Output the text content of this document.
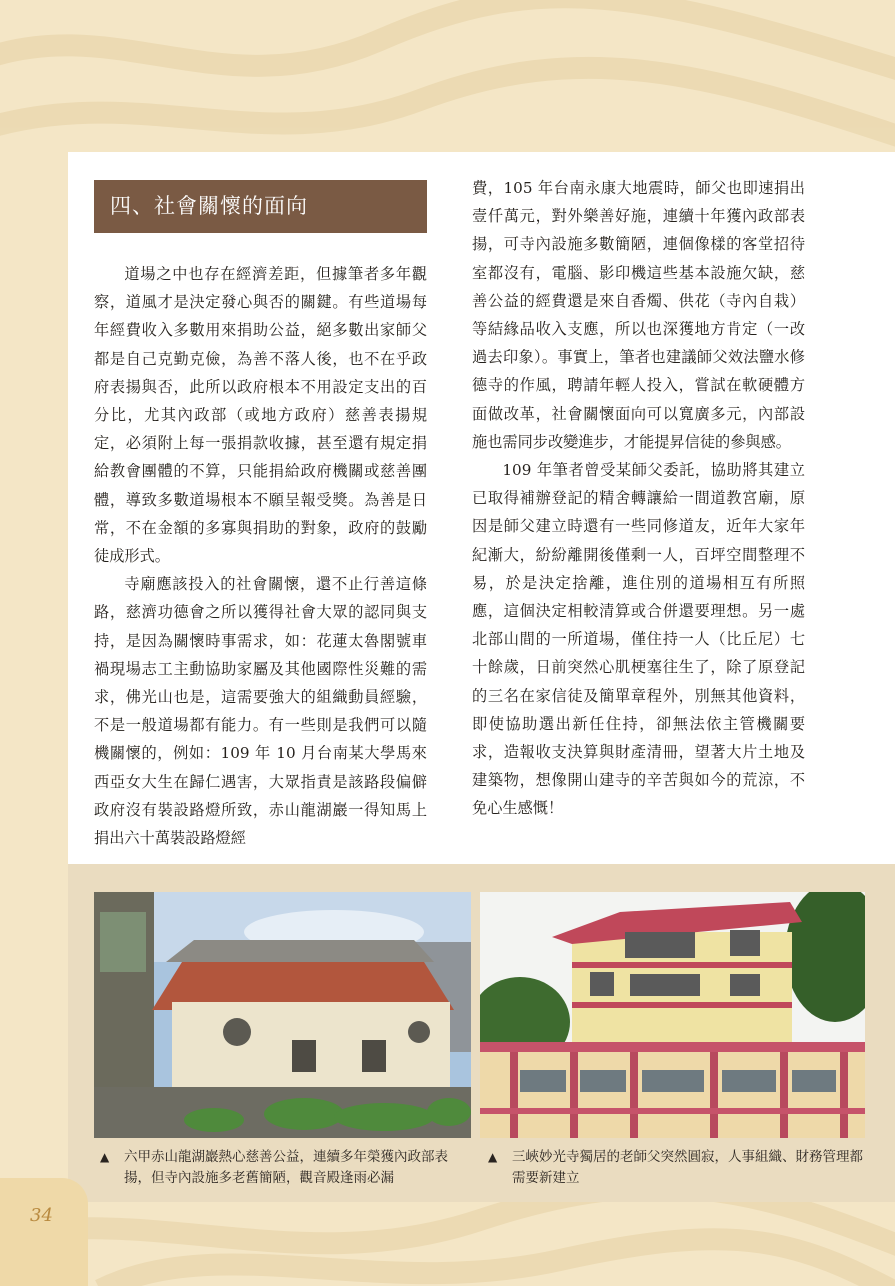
四、社會關懷的面向

道場之中也存在經濟差距，但據筆者多年觀察，道風才是決定發心與否的關鍵。有些道場每年經費收入多數用來捐助公益，絕多數出家師父都是自己克勤克儉，為善不落人後，也不在乎政府表揚與否，此所以政府根本不用設定支出的百分比，尤其內政部（或地方政府）慈善表揚規定，必須附上每一張捐款收據，甚至還有規定捐給教會團體的不算，只能捐給政府機關或慈善團體，導致多數道場根本不願呈報受獎。為善是日常，不在金額的多寡與捐助的對象，政府的鼓勵徒成形式。

寺廟應該投入的社會關懷，還不止行善這條路，慈濟功德會之所以獲得社會大眾的認同與支持，是因為關懷時事需求，如：花蓮太魯閣號車禍現場志工主動協助家屬及其他國際性災難的需求，佛光山也是，這需要強大的組織動員經驗，不是一般道場都有能力。有一些則是我們可以隨機關懷的，例如：109 年 10 月台南某大學馬來西亞女大生在歸仁遇害，大眾指責是該路段偏僻政府沒有裝設路燈所致，赤山龍湖巖一得知馬上捐出六十萬裝設路燈經

費，105 年台南永康大地震時，師父也即速捐出壹仟萬元，對外樂善好施，連續十年獲內政部表揚，可寺內設施多數簡陋，連個像樣的客堂招待室都沒有，電腦、影印機這些基本設施欠缺，慈善公益的經費還是來自香燭、供花（寺內自栽）等結緣品收入支應，所以也深獲地方肯定（一改過去印象）。事實上，筆者也建議師父效法鹽水修德寺的作風，聘請年輕人投入，嘗試在軟硬體方面做改革，社會關懷面向可以寬廣多元，內部設施也需同步改變進步，才能提昇信徒的參與感。

109 年筆者曾受某師父委託，協助將其建立已取得補辦登記的精舍轉讓給一間道教宮廟，原因是師父建立時還有一些同修道友，近年大家年紀漸大，紛紛離開後僅剩一人，百坪空間整理不易，於是決定捨離，進住別的道場相互有所照應，這個決定相較清算或合併還要理想。另一處北部山間的一所道場，僅住持一人（比丘尼）七十餘歲，日前突然心肌梗塞往生了，除了原登記的三名在家信徒及簡單章程外，別無其他資料，即使協助選出新任住持，卻無法依主管機關要求，造報收支決算與財產清冊，望著大片土地及建築物，想像開山建寺的辛苦與如今的荒涼，不免心生感慨！

▲ 六甲赤山龍湖巖熱心慈善公益，連續多年榮獲內政部表揚，但寺內設施多老舊簡陋，觀音殿逢雨必漏
▲ 三峽妙光寺獨居的老師父突然圓寂，人事組織、財務管理都需要新建立
34
